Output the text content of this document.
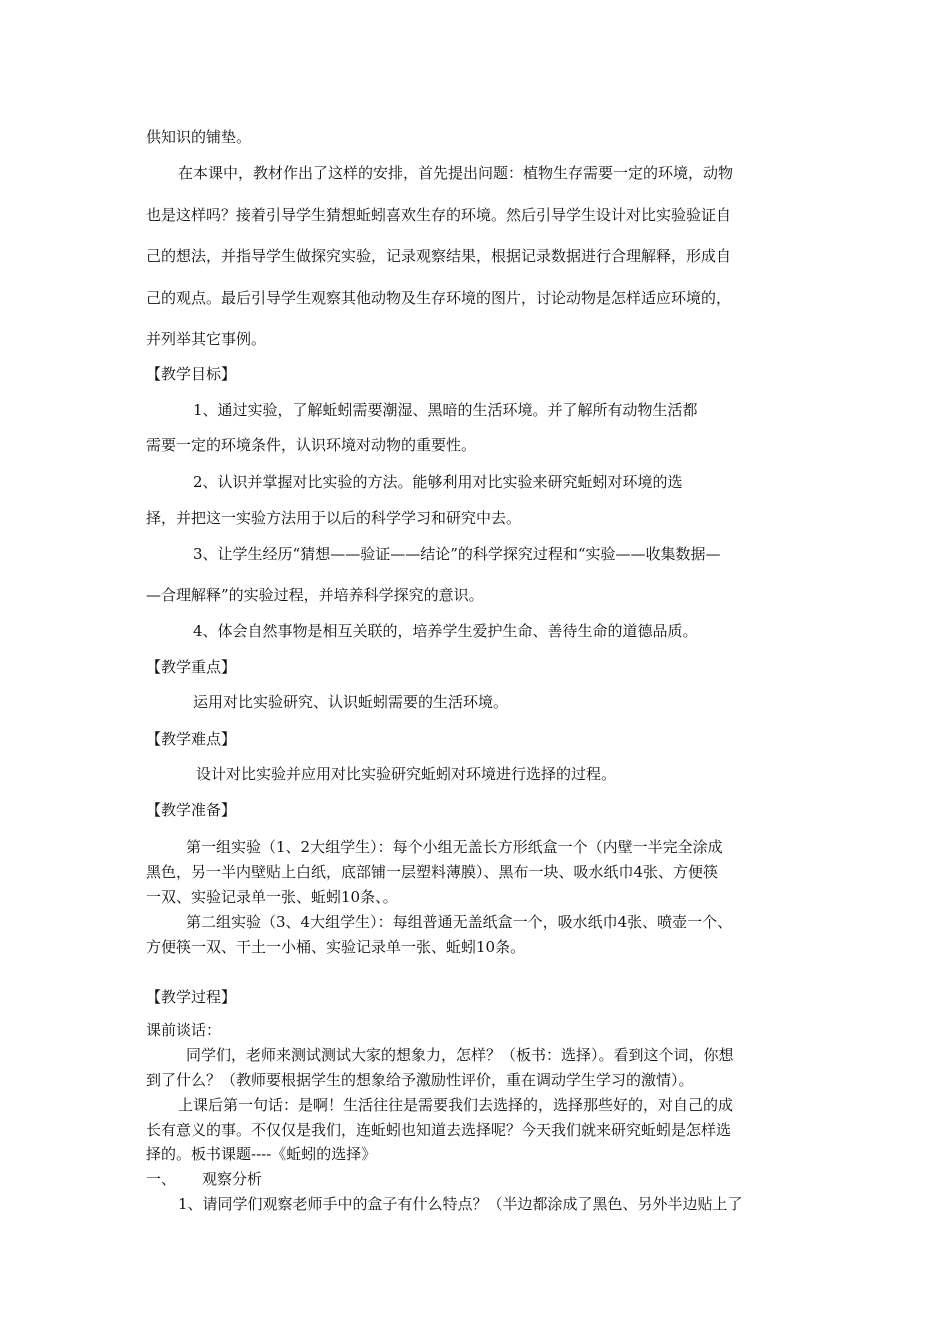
供知识的铺垫。
在本课中，教材作出了这样的安排，首先提出问题：植物生存需要一定的环境，动物
也是这样吗？接着引导学生猜想蚯蚓喜欢生存的环境。然后引导学生设计对比实验验证自
己的想法，并指导学生做探究实验，记录观察结果，根据记录数据进行合理解释，形成自
己的观点。最后引导学生观察其他动物及生存环境的图片，讨论动物是怎样适应环境的，
并列举其它事例。
【教学目标】
1、通过实验，了解蚯蚓需要潮湿、黑暗的生活环境。并了解所有动物生活都
需要一定的环境条件，认识环境对动物的重要性。
2、认识并掌握对比实验的方法。能够利用对比实验来研究蚯蚓对环境的选
择，并把这一实验方法用于以后的科学学习和研究中去。
3、让学生经历“猜想——验证——结论”的科学探究过程和“实验——收集数据—
—合理解释”的实验过程，并培养科学探究的意识。
4、体会自然事物是相互关联的，培养学生爱护生命、善待生命的道德品质。
【教学重点】
运用对比实验研究、认识蚯蚓需要的生活环境。
【教学难点】
设计对比实验并应用对比实验研究蚯蚓对环境进行选择的过程。
【教学准备】
第一组实验（1、2大组学生）：每个小组无盖长方形纸盒一个（内壁一半完全涂成
黑色，另一半内壁贴上白纸，底部铺一层塑料薄膜）、黑布一块、吸水纸巾4张、方便筷
一双、实验记录单一张、蚯蚓10条、。
第二组实验（3、4大组学生）：每组普通无盖纸盒一个，吸水纸巾4张、喷壶一个、
方便筷一双、干土一小桶、实验记录单一张、蚯蚓10条。
【教学过程】
课前谈话：
同学们，老师来测试测试大家的想象力，怎样？（板书：选择）。看到这个词，你想
到了什么？（教师要根据学生的想象给予激励性评价，重在调动学生学习的激情）。
上课后第一句话：是啊！生活往往是需要我们去选择的，选择那些好的，对自己的成
长有意义的事。不仅仅是我们，连蚯蚓也知道去选择呢？今天我们就来研究蚯蚓是怎样选
择的。板书课题----《蚯蚓的选择》
一、 观察分析
1、请同学们观察老师手中的盒子有什么特点？（半边都涂成了黑色、另外半边贴上了
